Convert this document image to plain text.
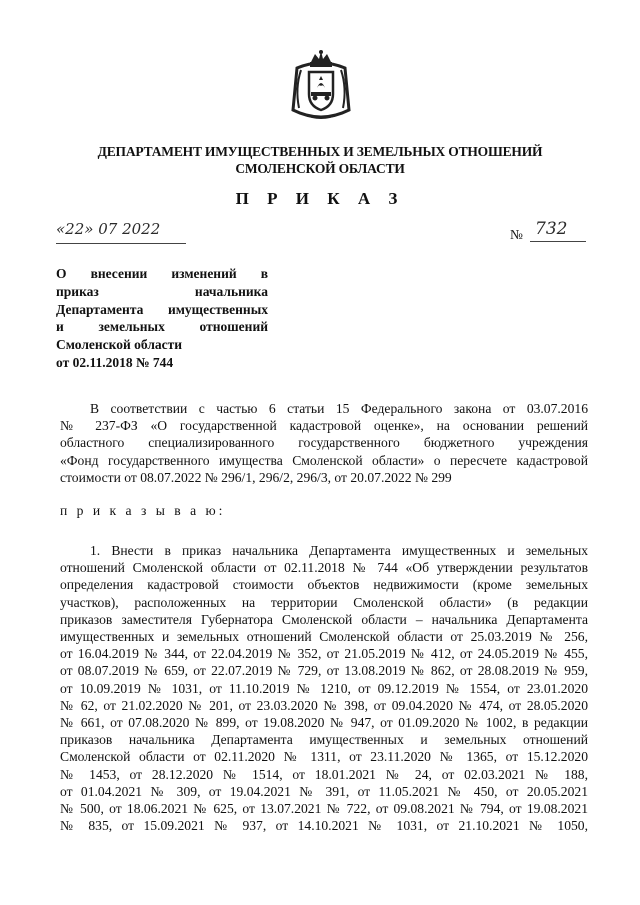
ДЕПАРТАМЕНТ ИМУЩЕСТВЕННЫХ И ЗЕМЕЛЬНЫХ ОТНОШЕНИЙ
СМОЛЕНСКОЙ ОБЛАСТИ
П Р И К А З
«22» 07 2022	№ 732
О внесении изменений в
приказ начальника
Департамента имущественных
и земельных отношений
Смоленской области
от 02.11.2018 № 744
В соответствии с частью 6 статьи 15 Федерального закона от 03.07.2016
№ 237-ФЗ «О государственной кадастровой оценке», на основании решений
областного специализированного государственного бюджетного учреждения
«Фонд государственного имущества Смоленской области» о пересчете кадастровой
стоимости от 08.07.2022 № 296/1, 296/2, 296/3, от 20.07.2022 № 299
п р и к а з ы в а ю:
1. Внести в приказ начальника Департамента имущественных и земельных
отношений Смоленской области от 02.11.2018 № 744 «Об утверждении результатов
определения кадастровой стоимости объектов недвижимости (кроме земельных
участков), расположенных на территории Смоленской области» (в редакции
приказов заместителя Губернатора Смоленской области – начальника Департамента
имущественных и земельных отношений Смоленской области от 25.03.2019 № 256,
от 16.04.2019 № 344, от 22.04.2019 № 352, от 21.05.2019 № 412, от 24.05.2019 № 455,
от 08.07.2019 № 659, от 22.07.2019 № 729, от 13.08.2019 № 862, от 28.08.2019 № 959,
от 10.09.2019 № 1031, от 11.10.2019 № 1210, от 09.12.2019 № 1554, от 23.01.2020
№ 62, от 21.02.2020 № 201, от 23.03.2020 № 398, от 09.04.2020 № 474, от 28.05.2020
№ 661, от 07.08.2020 № 899, от 19.08.2020 № 947, от 01.09.2020 № 1002, в редакции
приказов начальника Департамента имущественных и земельных отношений
Смоленской области от 02.11.2020 № 1311, от 23.11.2020 № 1365, от 15.12.2020
№ 1453, от 28.12.2020 № 1514, от 18.01.2021 № 24, от 02.03.2021 № 188,
от 01.04.2021 № 309, от 19.04.2021 № 391, от 11.05.2021 № 450, от 20.05.2021
№ 500, от 18.06.2021 № 625, от 13.07.2021 № 722, от 09.08.2021 № 794, от 19.08.2021
№ 835, от 15.09.2021 № 937, от 14.10.2021 № 1031, от 21.10.2021 № 1050,
